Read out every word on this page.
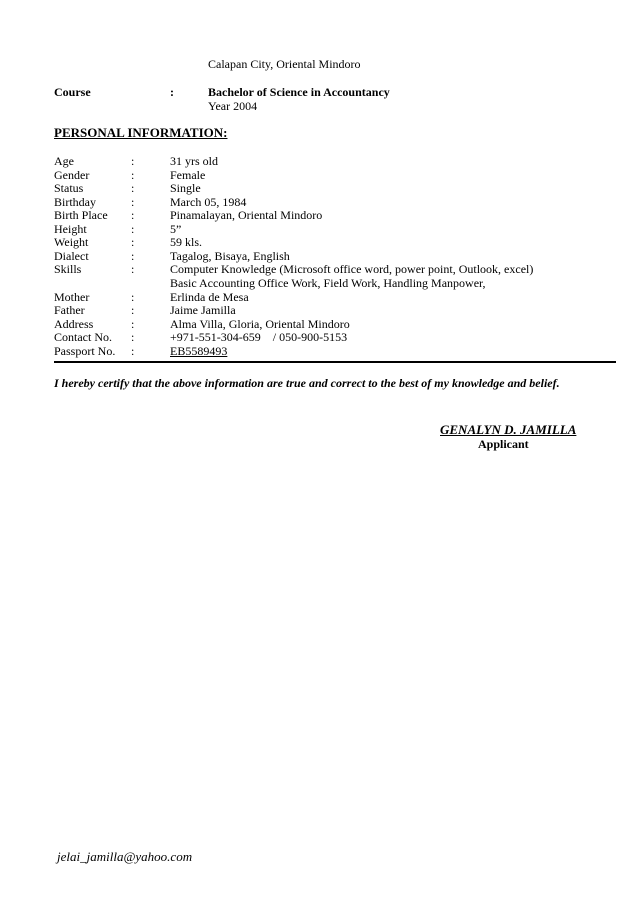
Calapan City, Oriental Mindoro
Course	:	Bachelor of Science in Accountancy
Year 2004
PERSONAL INFORMATION:
Age	:	31 yrs old
Gender	:	Female
Status	:	Single
Birthday	:	March 05, 1984
Birth Place :	Pinamalayan, Oriental Mindoro
Height	:	5”
Weight	:	59 kls.
Dialect	:	Tagalog, Bisaya, English
Skills	:	Computer Knowledge (Microsoft office word, power point, Outlook, excel)
Basic Accounting Office Work, Field Work, Handling Manpower,
Mother	:	Erlinda de Mesa
Father	:	Jaime Jamilla
Address	:	Alma Villa, Gloria, Oriental Mindoro
Contact No. :	+971-551-304-659    / 050-900-5153
Passport No. :	EB5589493
I hereby certify that the above information are true and correct to the best of my knowledge and belief.
GENALYN D. JAMILLA
Applicant
jelai_jamilla@yahoo.com
